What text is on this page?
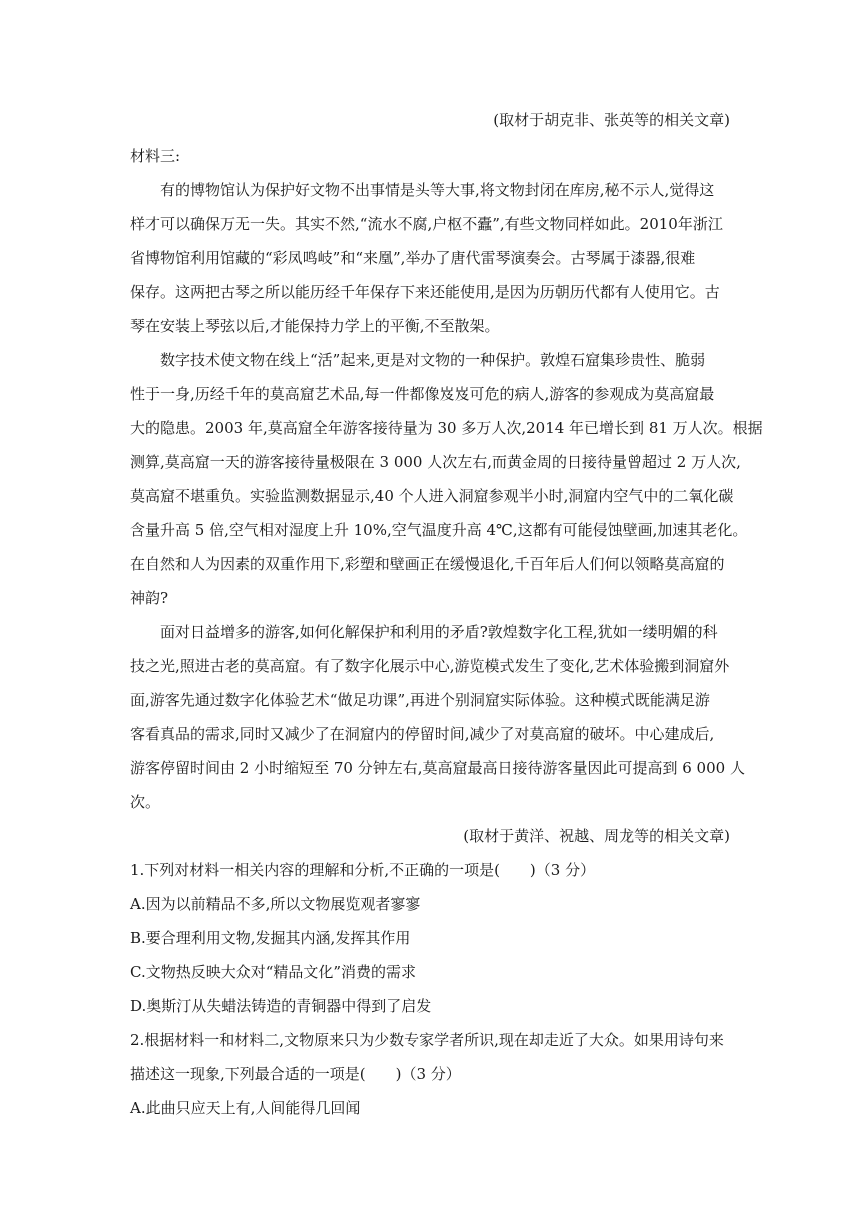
(取材于胡克非、张英等的相关文章)
材料三:
有的博物馆认为保护好文物不出事情是头等大事,将文物封闭在库房,秘不示人,觉得这
样才可以确保万无一失。其实不然,“流水不腐,户枢不蠹”,有些文物同样如此。2010年浙江
省博物馆利用馆藏的“彩凤鸣岐”和“来凰”,举办了唐代雷琴演奏会。古琴属于漆器,很难
保存。这两把古琴之所以能历经千年保存下来还能使用,是因为历朝历代都有人使用它。古
琴在安装上琴弦以后,才能保持力学上的平衡,不至散架。
数字技术使文物在线上“活”起来,更是对文物的一种保护。敦煌石窟集珍贵性、脆弱
性于一身,历经千年的莫高窟艺术品,每一件都像岌岌可危的病人,游客的参观成为莫高窟最
大的隐患。2003 年,莫高窟全年游客接待量为 30 多万人次,2014 年已增长到 81 万人次。根据
测算,莫高窟一天的游客接待量极限在 3 000 人次左右,而黄金周的日接待量曾超过 2 万人次,
莫高窟不堪重负。实验监测数据显示,40 个人进入洞窟参观半小时,洞窟内空气中的二氧化碳
含量升高 5 倍,空气相对湿度上升 10%,空气温度升高 4℃,这都有可能侵蚀壁画,加速其老化。
在自然和人为因素的双重作用下,彩塑和壁画正在缓慢退化,千百年后人们何以领略莫高窟的
神韵?
面对日益增多的游客,如何化解保护和利用的矛盾?敦煌数字化工程,犹如一缕明媚的科
技之光,照进古老的莫高窟。有了数字化展示中心,游览模式发生了变化,艺术体验搬到洞窟外
面,游客先通过数字化体验艺术“做足功课”,再进个别洞窟实际体验。这种模式既能满足游
客看真品的需求,同时又减少了在洞窟内的停留时间,减少了对莫高窟的破坏。中心建成后,
游客停留时间由 2 小时缩短至 70 分钟左右,莫高窟最高日接待游客量因此可提高到 6 000 人
次。
(取材于黄洋、祝越、周龙等的相关文章)
1.下列对材料一相关内容的理解和分析,不正确的一项是(　　)（3 分）
A.因为以前精品不多,所以文物展览观者寥寥
B.要合理利用文物,发掘其内涵,发挥其作用
C.文物热反映大众对“精品文化”消费的需求
D.奥斯汀从失蜡法铸造的青铜器中得到了启发
2.根据材料一和材料二,文物原来只为少数专家学者所识,现在却走近了大众。如果用诗句来
描述这一现象,下列最合适的一项是(　　)（3 分）
A.此曲只应天上有,人间能得几回闻
